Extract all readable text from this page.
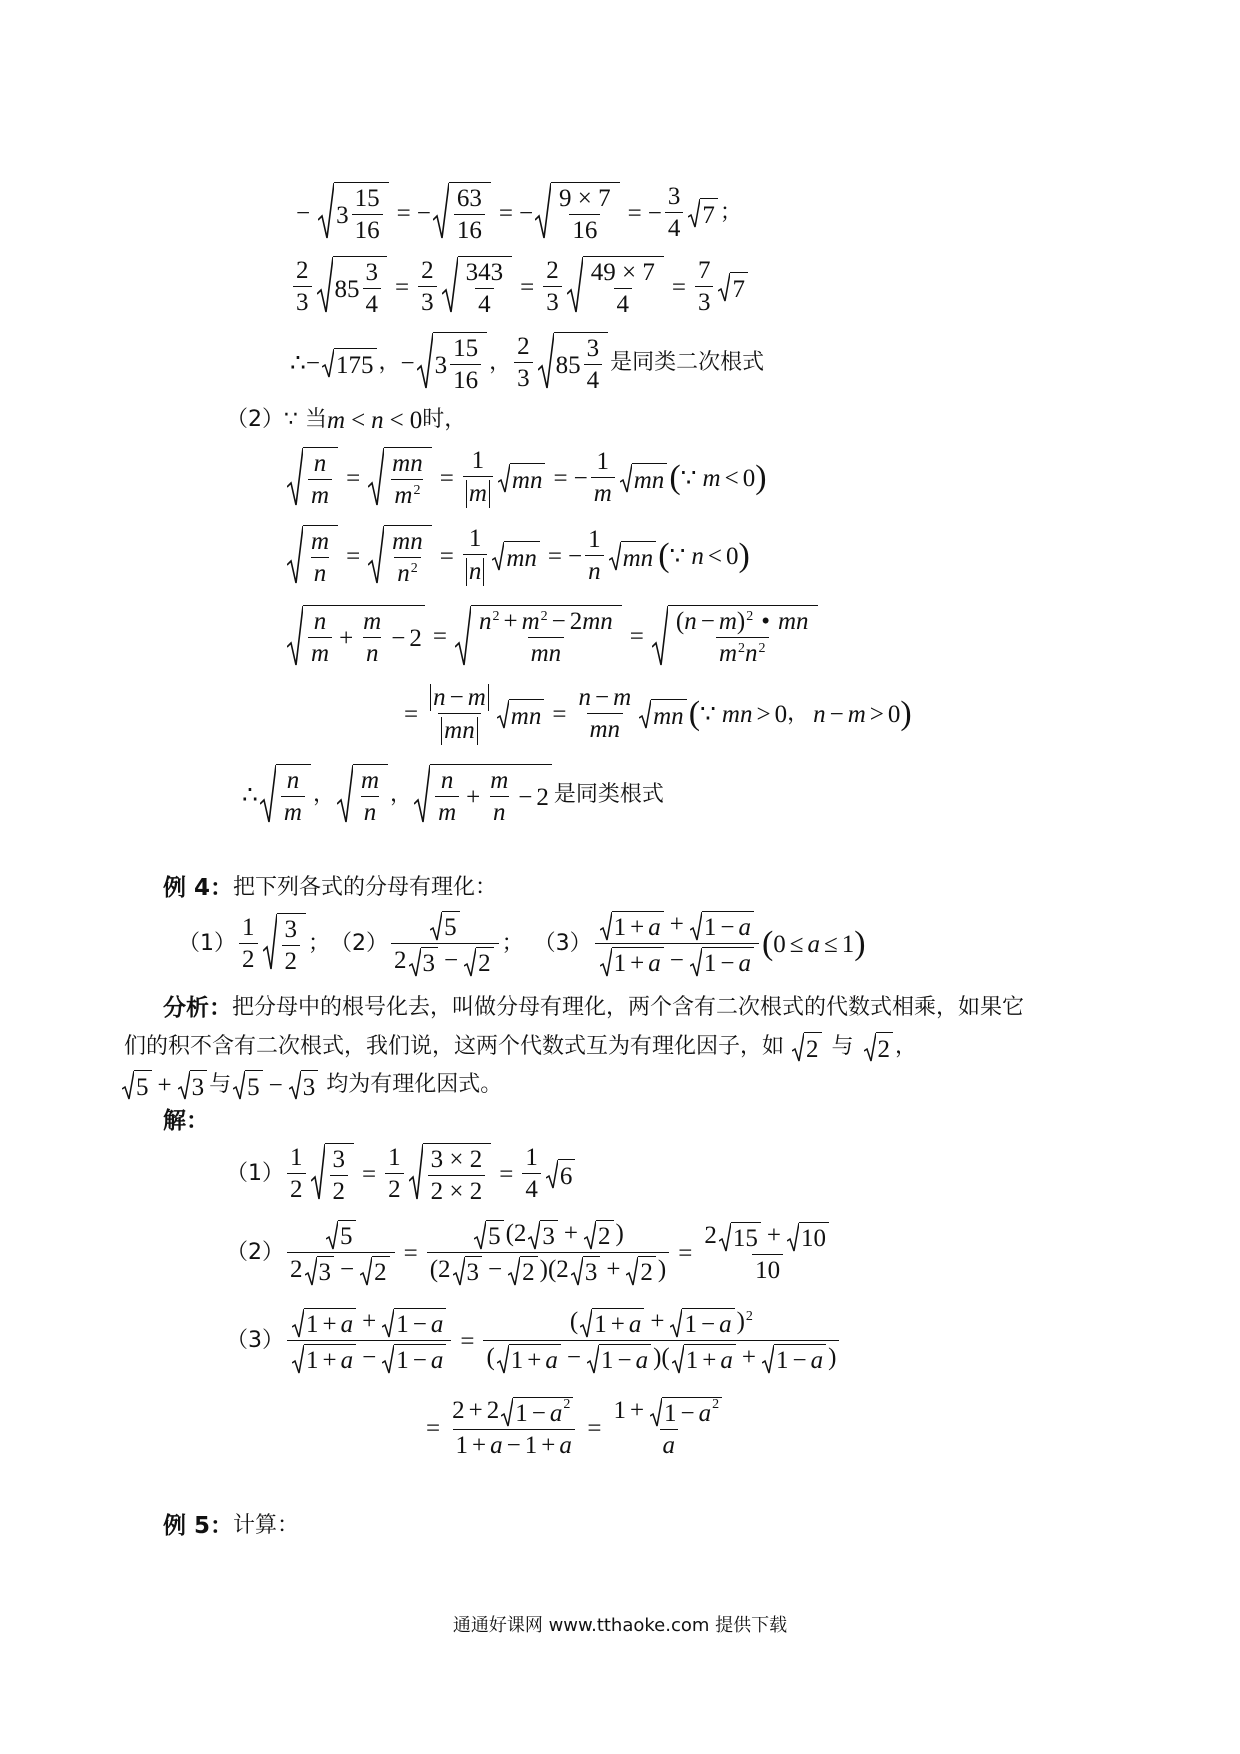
− $3 \frac{15}{16}$ = − $\frac{63}{16}$ = − $\frac{9 \times 7}{16}$ = − $\frac{3}{4} 7$ ；
$\frac{2}{3} 85 \frac{3}{4} = \frac{2}{3} \frac{343}{4} = \frac{2}{3} \frac{49 \times 7}{4} = \frac{7}{3} 7$
∴ − 175 ， − $3 \frac{15}{16}$ ， $\frac{2}{3} 85 \frac{3}{4}$ 是同类二次根式
（2） ∵ 当 m < n < 0 时，
$\frac{n}{m} = \frac{mn}{m^2} = \frac{1}{m}$ mn = − $\frac{1}{m}$ mn ( ∵ m < 0 )
$\frac{m}{n} = \frac{mn}{n^2} = \frac{1}{n}$ mn = − $\frac{1}{n}$ mn ( ∵ n < 0 )
$\frac{n}{m} + \frac{m}{n} - 2 = \frac{n^2 + m^2 - 2mn}{mn} = \frac{(n - m)^2 • mn}{m^2n^2}$
= $\frac{n - m}{mn}$ mn = $\frac{n - m}{mn}$ mn ( ∵ mn > 0 ， n − m > 0 )
∴ $\frac{n}{m}$ ， $\frac{m}{n}$ ， $\frac{n}{m} + \frac{m}{n} - 2$ 是同类根式
例 4 ： 把下列各式的分母有理化：
$(1) \frac{1}{2} \frac{3}{2}$ ； $(2) \frac{5}{2 3 - 2}$ ； $(3) \frac{1 + a + 1 - a}{1 + a - 1 - a}$ ( 0 ≤ a ≤ 1 )
分析： 把分母中的根号化去，叫做分母有理化，两个含有二次根式的代数式相乘，如果它
们的积不含有二次根式，我们说，这两个代数式互为有理化因子，如 2 与 2 ，
5 + 3 与 5 − 3 均为有理化因式。
解：
$(1) \frac{1}{2} \frac{3}{2} = \frac{1}{2} \frac{3 \times 2}{2 \times 2} = \frac{1}{4} 6$
$(2) \frac{5}{2 3 - 2} = \frac{5 (2 3 + 2 )}{(2 3 - 2 )(2 3 + 2 )} = \frac{2 15 + 10}{10}$
$(3) \frac{1 + a + 1 - a}{1 + a - 1 - a} = \frac{( 1 + a + 1 - a )^2}{( 1 + a - 1 - a )( 1 + a + 1 - a )}$
= $\frac{2 + 2 1 - a 2}{1 + a - 1 + a} = \frac{1 + 1 - a 2}{a}$
例 5 ： 计算：
通通好课网 www.tthaoke.com 提供下载
